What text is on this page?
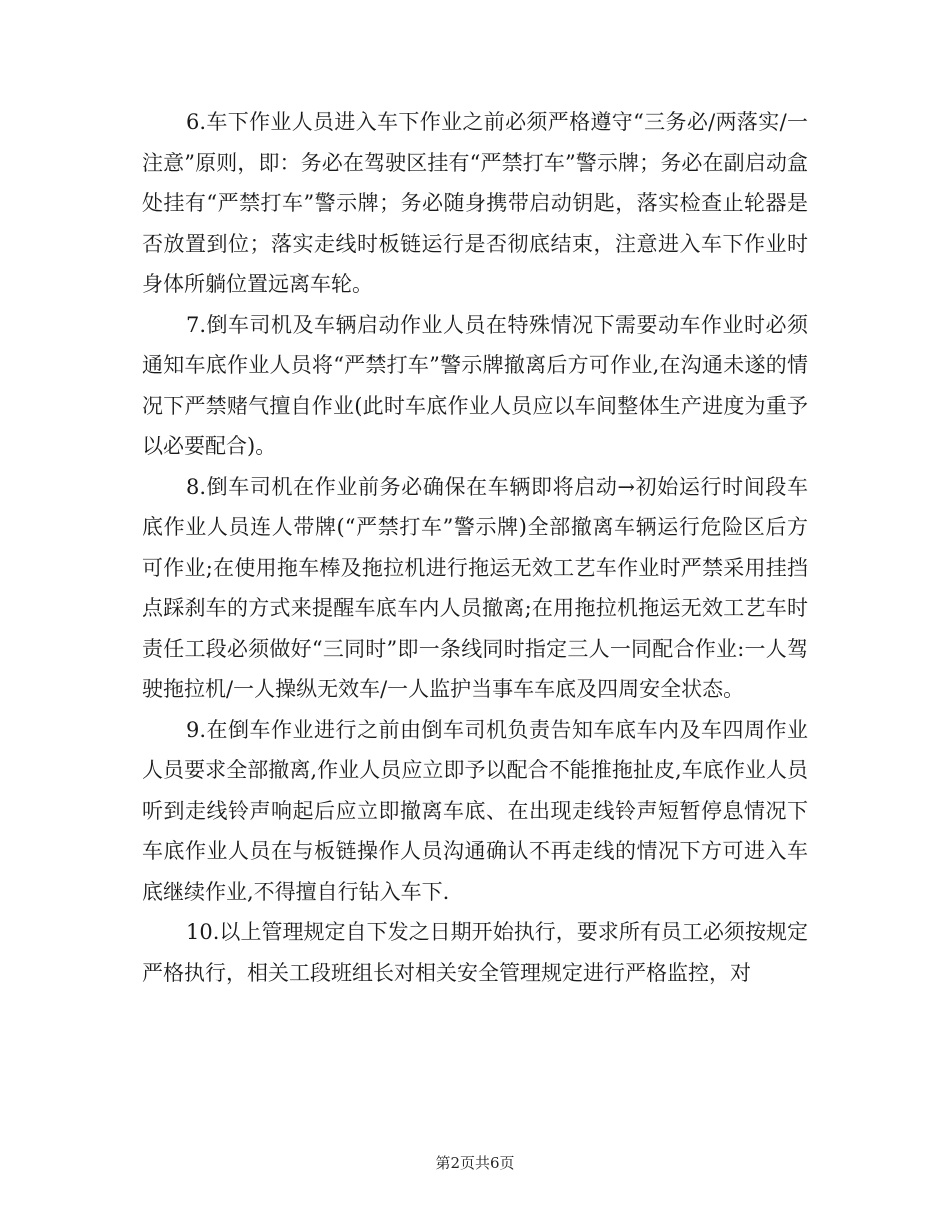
6.车下作业人员进入车下作业之前必须严格遵守“三务必/两落实/一注意”原则，即：务必在驾驶区挂有“严禁打车”警示牌；务必在副启动盒处挂有“严禁打车”警示牌；务必随身携带启动钥匙，落实检查止轮器是否放置到位；落实走线时板链运行是否彻底结束，注意进入车下作业时身体所躺位置远离车轮。

7.倒车司机及车辆启动作业人员在特殊情况下需要动车作业时必须通知车底作业人员将“严禁打车”警示牌撤离后方可作业,在沟通未遂的情况下严禁赌气擅自作业(此时车底作业人员应以车间整体生产进度为重予以必要配合)。

8.倒车司机在作业前务必确保在车辆即将启动→初始运行时间段车底作业人员连人带牌(“严禁打车”警示牌)全部撤离车辆运行危险区后方可作业;在使用拖车棒及拖拉机进行拖运无效工艺车作业时严禁采用挂挡点踩刹车的方式来提醒车底车内人员撤离;在用拖拉机拖运无效工艺车时责任工段必须做好“三同时”即一条线同时指定三人一同配合作业:一人驾驶拖拉机/一人操纵无效车/一人监护当事车车底及四周安全状态。

9.在倒车作业进行之前由倒车司机负责告知车底车内及车四周作业人员要求全部撤离,作业人员应立即予以配合不能推拖扯皮,车底作业人员听到走线铃声响起后应立即撤离车底、在出现走线铃声短暂停息情况下车底作业人员在与板链操作人员沟通确认不再走线的情况下方可进入车底继续作业,不得擅自行钻入车下.

10.以上管理规定自下发之日期开始执行，要求所有员工必须按规定严格执行，相关工段班组长对相关安全管理规定进行严格监控，对

第2页共6页
